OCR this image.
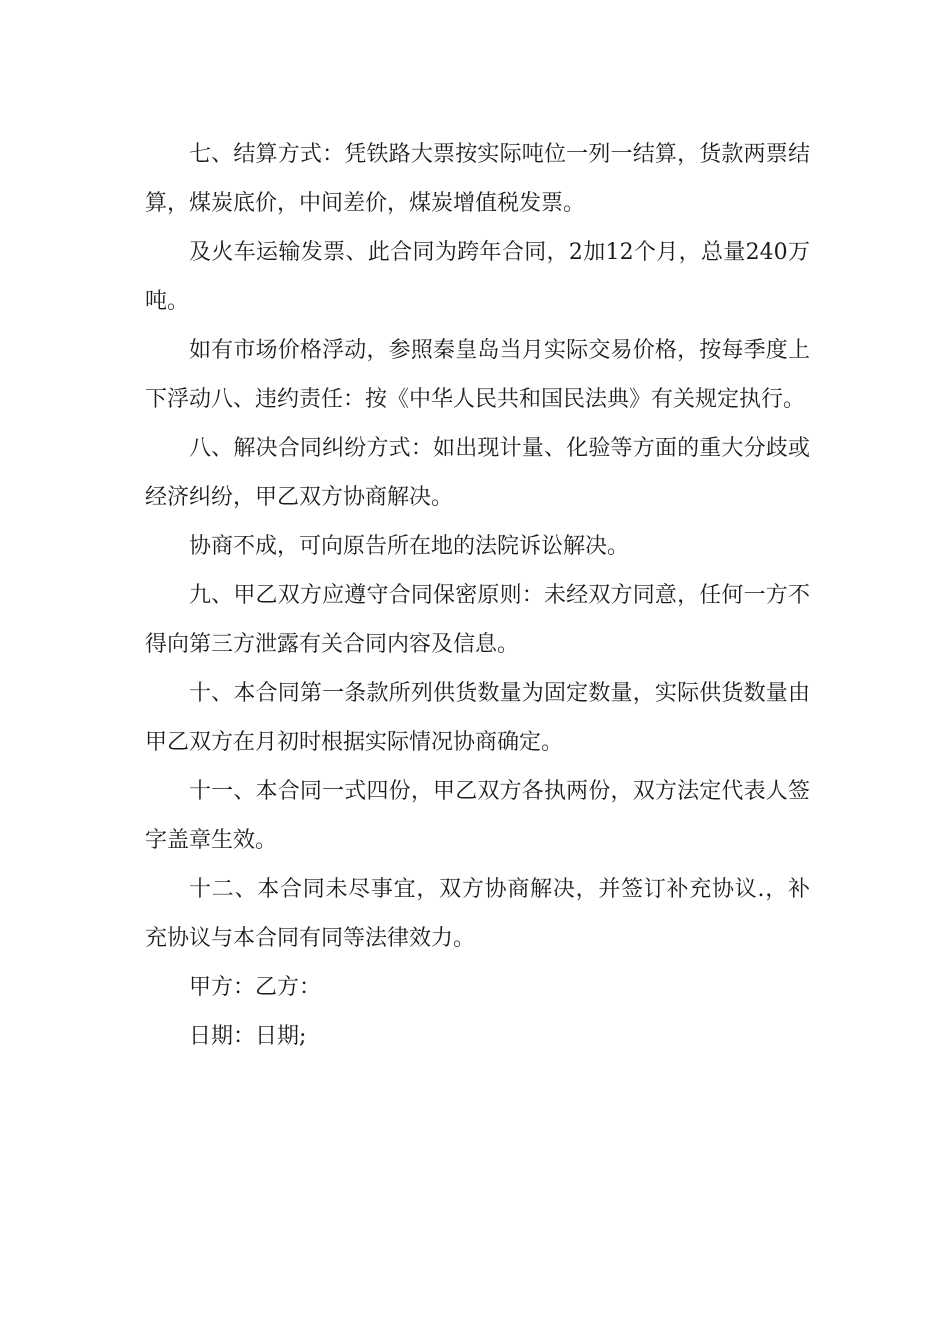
七、结算方式：凭铁路大票按实际吨位一列一结算，货款两票结算，煤炭底价，中间差价，煤炭增值税发票。

及火车运输发票、此合同为跨年合同，2加12个月，总量240万吨。

如有市场价格浮动，参照秦皇岛当月实际交易价格，按每季度上下浮动八、违约责任：按《中华人民共和国民法典》有关规定执行。

八、解决合同纠纷方式：如出现计量、化验等方面的重大分歧或经济纠纷，甲乙双方协商解决。

协商不成，可向原告所在地的法院诉讼解决。

九、甲乙双方应遵守合同保密原则：未经双方同意，任何一方不得向第三方泄露有关合同内容及信息。

十、本合同第一条款所列供货数量为固定数量，实际供货数量由甲乙双方在月初时根据实际情况协商确定。

十一、本合同一式四份，甲乙双方各执两份，双方法定代表人签字盖章生效。

十二、本合同未尽事宜，双方协商解决，并签订补充协议.，补充协议与本合同有同等法律效力。

甲方：乙方：

日期：日期;
